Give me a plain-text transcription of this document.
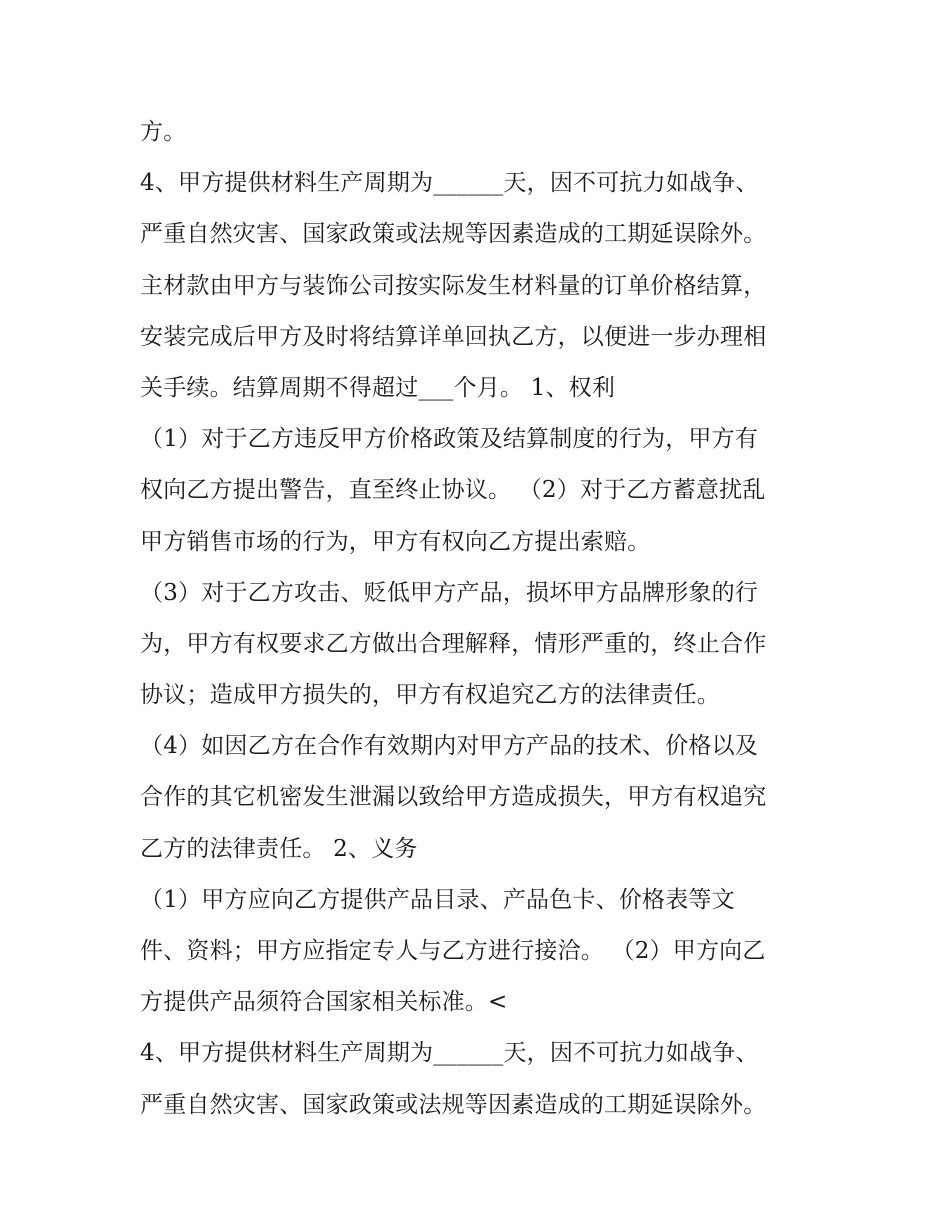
方。
4、甲方提供材料生产周期为______天，因不可抗力如战争、
严重自然灾害、国家政策或法规等因素造成的工期延误除外。
主材款由甲方与装饰公司按实际发生材料量的订单价格结算，
安装完成后甲方及时将结算详单回执乙方，以便进一步办理相
关手续。结算周期不得超过___个月。 1、权利
（1）对于乙方违反甲方价格政策及结算制度的行为，甲方有
权向乙方提出警告，直至终止协议。 （2）对于乙方蓄意扰乱
甲方销售市场的行为，甲方有权向乙方提出索赔。
（3）对于乙方攻击、贬低甲方产品，损坏甲方品牌形象的行
为，甲方有权要求乙方做出合理解释，情形严重的，终止合作
协议；造成甲方损失的，甲方有权追究乙方的法律责任。
（4）如因乙方在合作有效期内对甲方产品的技术、价格以及
合作的其它机密发生泄漏以致给甲方造成损失，甲方有权追究
乙方的法律责任。 2、义务
（1）甲方应向乙方提供产品目录、产品色卡、价格表等文
件、资料；甲方应指定专人与乙方进行接洽。 （2）甲方向乙
方提供产品须符合国家相关标准。<
4、甲方提供材料生产周期为______天，因不可抗力如战争、
严重自然灾害、国家政策或法规等因素造成的工期延误除外。
